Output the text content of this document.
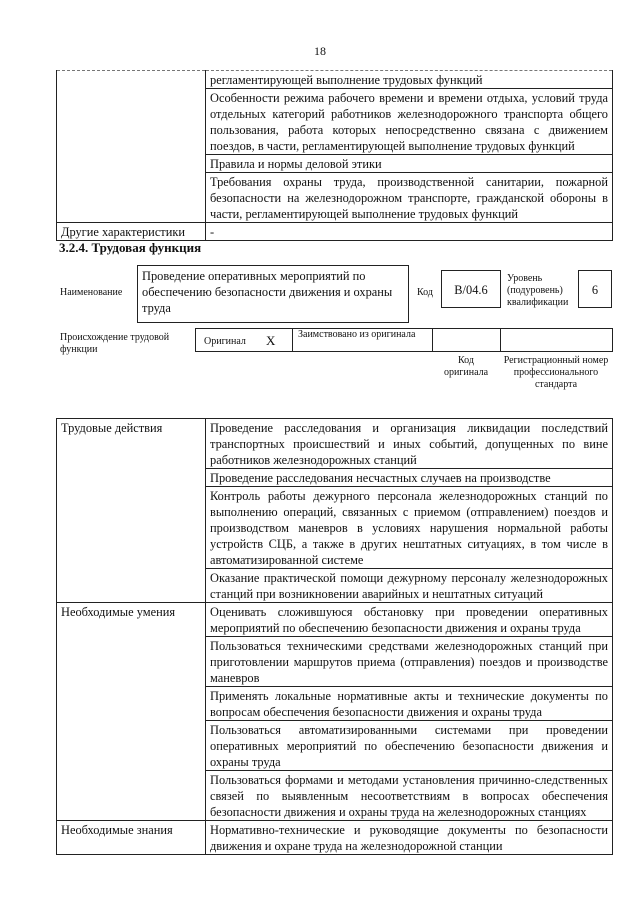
18
	регламентирующей выполнение трудовых функций
	Особенности режима рабочего времени и времени отдыха, условий труда отдельных категорий работников железнодорожного транспорта общего пользования, работа которых непосредственно связана с движением поездов, в части, регламентирующей выполнение трудовых функций
	Правила и нормы деловой этики
	Требования охраны труда, производственной санитарии, пожарной безопасности на железнодорожном транспорте, гражданской обороны в части, регламентирующей выполнение трудовых функций
Другие характеристики	-
3.2.4. Трудовая функция
Наименование
Проведение оперативных мероприятий по обеспечению безопасности движения и охраны труда
Код	B/04.6
Уровень (подуровень) квалификации
6
Происхождение трудовой функции
Оригинал X Заимствовано из оригинала
Код оригинала
Регистрационный номер профессионального стандарта
Трудовые действия	Проведение расследования и организация ликвидации последствий транспортных происшествий и иных событий, допущенных по вине работников железнодорожных станций
	Проведение расследования несчастных случаев на производстве
	Контроль работы дежурного персонала железнодорожных станций по выполнению операций, связанных с приемом (отправлением) поездов и производством маневров в условиях нарушения нормальной работы устройств СЦБ, а также в других нештатных ситуациях, в том числе в автоматизированной системе
	Оказание практической помощи дежурному персоналу железнодорожных станций при возникновении аварийных и нештатных ситуаций
Необходимые умения	Оценивать сложившуюся обстановку при проведении оперативных мероприятий по обеспечению безопасности движения и охраны труда
	Пользоваться техническими средствами железнодорожных станций при приготовлении маршрутов приема (отправления) поездов и производстве маневров
	Применять локальные нормативные акты и технические документы по вопросам обеспечения безопасности движения и охраны труда
	Пользоваться автоматизированными системами при проведении оперативных мероприятий по обеспечению безопасности движения и охраны труда
	Пользоваться формами и методами установления причинно-следственных связей по выявленным несоответствиям в вопросах обеспечения безопасности движения и охраны труда на железнодорожных станциях
Необходимые знания	Нормативно-технические и руководящие документы по безопасности движения и охране труда на железнодорожной станции
